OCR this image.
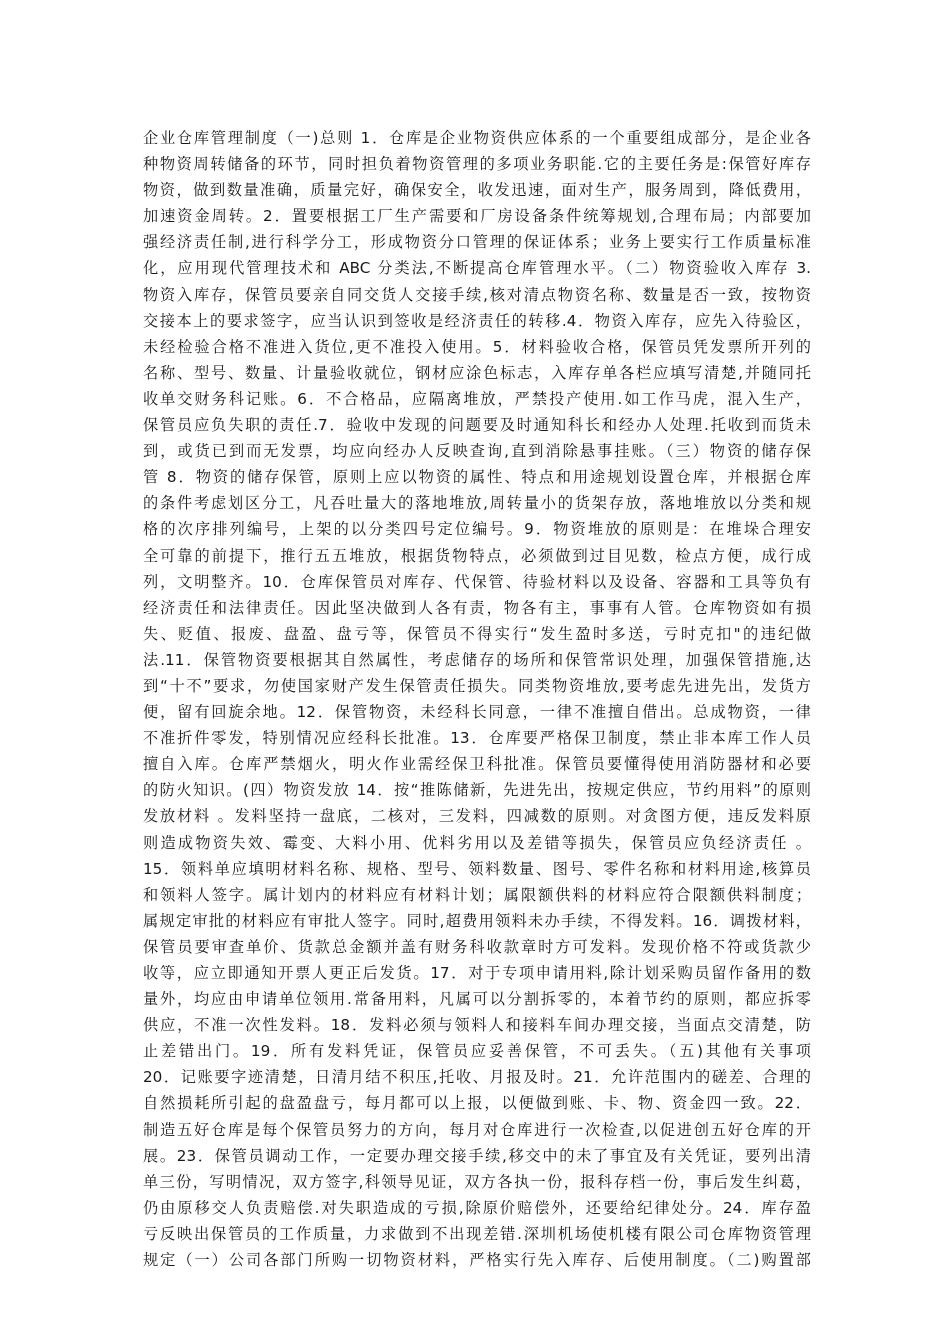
企业仓库管理制度（一)总则 1．仓库是企业物资供应体系的一个重要组成部分，是企业各
种物资周转储备的环节，同时担负着物资管理的多项业务职能.它的主要任务是:保管好库存
物资，做到数量准确，质量完好，确保安全，收发迅速，面对生产，服务周到，降低费用，
加速资金周转。2．置要根据工厂生产需要和厂房设备条件统筹规划,合理布局；内部要加
强经济责任制,进行科学分工，形成物资分口管理的保证体系；业务上要实行工作质量标准
化，应用现代管理技术和 ABC 分类法,不断提高仓库管理水平。（二）物资验收入库存 3.
物资入库存，保管员要亲自同交货人交接手续,核对清点物资名称、数量是否一致，按物资
交接本上的要求签字，应当认识到签收是经济责任的转移.4．物资入库存，应先入待验区，
未经检验合格不准进入货位,更不准投入使用。5．材料验收合格，保管员凭发票所开列的
名称、型号、数量、计量验收就位，钢材应涂色标志，入库存单各栏应填写清楚,并随同托
收单交财务科记账。6．不合格品，应隔离堆放，严禁投产使用.如工作马虎，混入生产，
保管员应负失职的责任.7．验收中发现的问题要及时通知科长和经办人处理.托收到而货未
到，或货已到而无发票，均应向经办人反映查询,直到消除悬事挂账。（三）物资的储存保
管 8．物资的储存保管，原则上应以物资的属性、特点和用途规划设置仓库，并根据仓库
的条件考虑划区分工，凡吞吐量大的落地堆放,周转量小的货架存放，落地堆放以分类和规
格的次序排列编号，上架的以分类四号定位编号。9．物资堆放的原则是：在堆垛合理安
全可靠的前提下，推行五五堆放，根据货物特点，必须做到过目见数，检点方便，成行成
列，文明整齐。10．仓库保管员对库存、代保管、待验材料以及设备、容器和工具等负有
经济责任和法律责任。因此坚决做到人各有责，物各有主，事事有人管。仓库物资如有损
失、贬值、报废、盘盈、盘亏等，保管员不得实行“发生盈时多送，亏时克扣"的违纪做
法.11．保管物资要根据其自然属性，考虑储存的场所和保管常识处理，加强保管措施,达
到“十不”要求，勿使国家财产发生保管责任损失。同类物资堆放,要考虑先进先出，发货方
便，留有回旋余地。12．保管物资，未经科长同意，一律不准擅自借出。总成物资，一律
不准折件零发，特别情况应经科长批准。13．仓库要严格保卫制度，禁止非本库工作人员
擅自入库。仓库严禁烟火，明火作业需经保卫科批准。保管员要懂得使用消防器材和必要
的防火知识。(四）物资发放 14．按“推陈储新，先进先出，按规定供应，节约用料”的原则
发放材料 。发料坚持一盘底，二核对，三发料，四减数的原则。对贪图方便，违反发料原
则造成物资失效、霉变、大料小用、优料劣用以及差错等损失，保管员应负经济责任 。
15．领料单应填明材料名称、规格、型号、领料数量、图号、零件名称和材料用途,核算员
和领料人签字。属计划内的材料应有材料计划；属限额供料的材料应符合限额供料制度；
属规定审批的材料应有审批人签字。同时,超费用领料未办手续，不得发料。16．调拨材料，
保管员要审查单价、货款总金额并盖有财务科收款章时方可发料。发现价格不符或货款少
收等，应立即通知开票人更正后发货。17．对于专项申请用料,除计划采购员留作备用的数
量外，均应由申请单位领用.常备用料，凡属可以分割拆零的，本着节约的原则，都应拆零
供应，不准一次性发料。18．发料必须与领料人和接料车间办理交接，当面点交清楚，防
止差错出门。19．所有发料凭证，保管员应妥善保管，不可丢失。（五)其他有关事项
20．记账要字迹清楚，日清月结不积压,托收、月报及时。21．允许范围内的磋差、合理的
自然损耗所引起的盘盈盘亏，每月都可以上报，以便做到账、卡、物、资金四一致。22．
制造五好仓库是每个保管员努力的方向，每月对仓库进行一次检查,以促进创五好仓库的开
展。23．保管员调动工作，一定要办理交接手续,移交中的未了事宜及有关凭证，要列出清
单三份，写明情况，双方签字,科领导见证，双方各执一份，报科存档一份，事后发生纠葛，
仍由原移交人负责赔偿.对失职造成的亏损,除原价赔偿外，还要给纪律处分。24．库存盈
亏反映出保管员的工作质量，力求做到不出现差错.深圳机场使机楼有限公司仓库物资管理
规定（一）公司各部门所购一切物资材料，严格实行先入库存、后使用制度。（二)购置部
